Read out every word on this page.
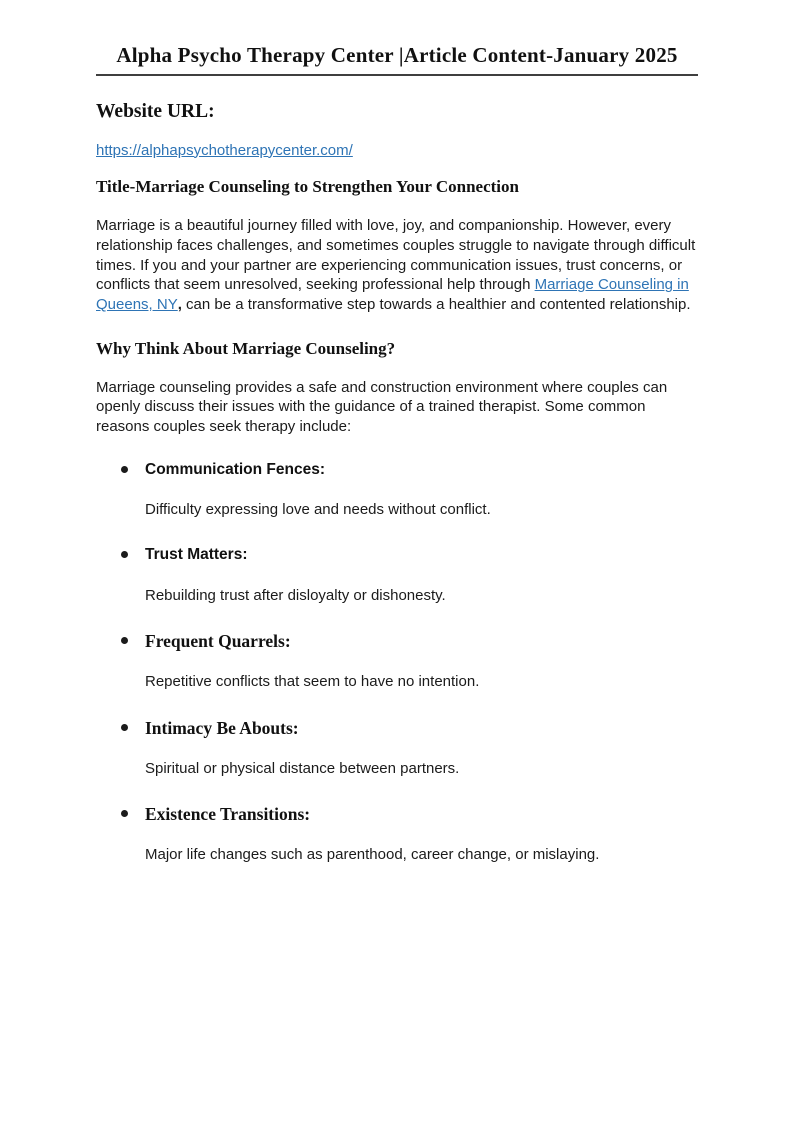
Alpha Psycho Therapy Center |Article Content-January 2025
Website URL:

https://alphapsychotherapycenter.com/

Title-Marriage Counseling to Strengthen Your Connection

Marriage is a beautiful journey filled with love, joy, and companionship. However, every relationship faces challenges, and sometimes couples struggle to navigate through difficult times. If you and your partner are experiencing communication issues, trust concerns, or conflicts that seem unresolved, seeking professional help through Marriage Counseling in Queens, NY, can be a transformative step towards a healthier and contented relationship.

Why Think About Marriage Counseling?

Marriage counseling provides a safe and construction environment where couples can openly discuss their issues with the guidance of a trained therapist. Some common reasons couples seek therapy include:

Communication Fences:

Difficulty expressing love and needs without conflict.

Trust Matters:

Rebuilding trust after disloyalty or dishonesty.

Frequent Quarrels:

Repetitive conflicts that seem to have no intention.

Intimacy Be Abouts:

Spiritual or physical distance between partners.

Existence Transitions:

Major life changes such as parenthood, career change, or mislaying.
